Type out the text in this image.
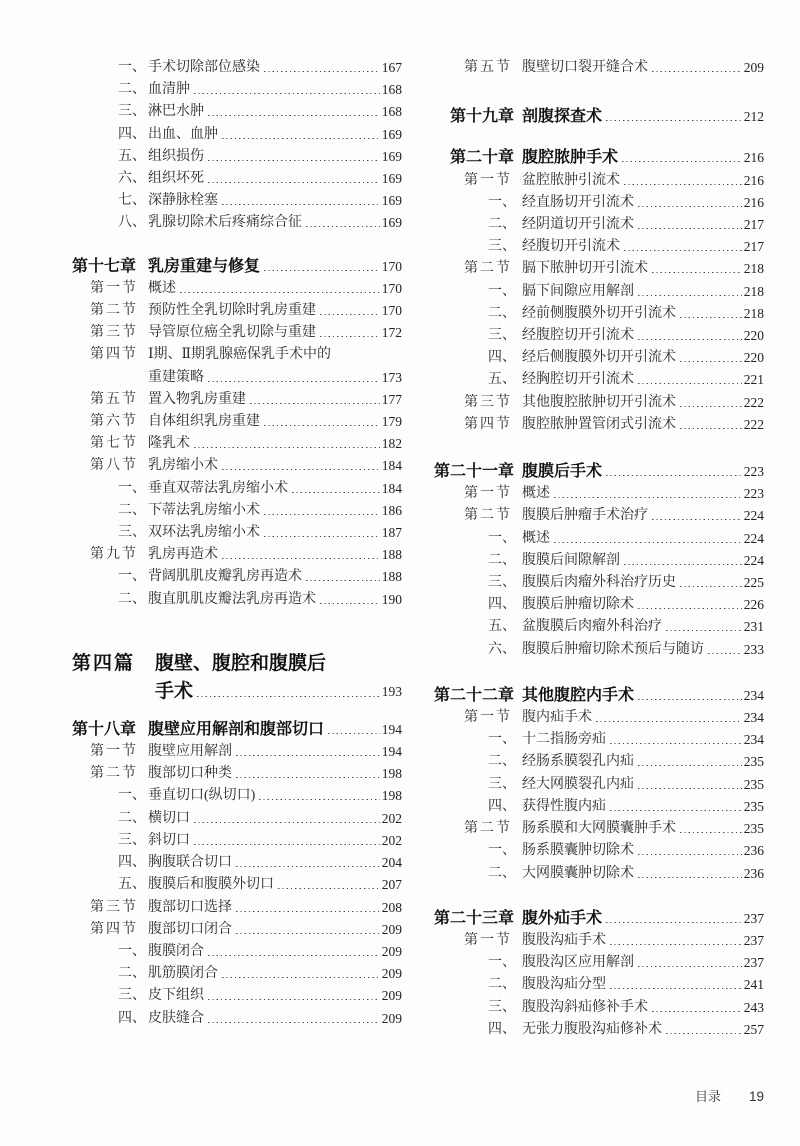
一、 手术切除部位感染	167
二、 血清肿	168
三、 淋巴水肿	168
四、 出血、血肿	169
五、 组织损伤	169
六、 组织坏死	169
七、 深静脉栓塞	169
八、 乳腺切除术后疼痛综合征	169
第十七章 乳房重建与修复	170
第一节 概述	170
第二节 预防性全乳切除时乳房重建	170
第三节 导管原位癌全乳切除与重建	172
第四节 Ⅰ期、Ⅱ期乳腺癌保乳手术中的
重建策略	173
第五节 置入物乳房重建	177
第六节 自体组织乳房重建	179
第七节 隆乳术	182
第八节 乳房缩小术	184
一、 垂直双蒂法乳房缩小术	184
二、 下蒂法乳房缩小术	186
三、 双环法乳房缩小术	187
第九节 乳房再造术	188
一、 背阔肌肌皮瓣乳房再造术	188
二、 腹直肌肌皮瓣法乳房再造术	190
第四篇	腹壁、腹腔和腹膜后
手术	193
第十八章 腹壁应用解剖和腹部切口	194
第一节 腹壁应用解剖	194
第二节 腹部切口种类	198
一、 垂直切口(纵切口)	198
二、 横切口	202
三、 斜切口	202
四、 胸腹联合切口	204
五、 腹膜后和腹膜外切口	207
第三节 腹部切口选择	208
第四节 腹部切口闭合	209
一、 腹膜闭合	209
二、 肌筋膜闭合	209
三、 皮下组织	209
四、 皮肤缝合	209
第五节 腹壁切口裂开缝合术	209
第十九章 剖腹探查术	212
第二十章 腹腔脓肿手术	216
第一节 盆腔脓肿引流术	216
一、 经直肠切开引流术	216
二、 经阴道切开引流术	217
三、 经腹切开引流术	217
第二节 膈下脓肿切开引流术	218
一、 膈下间隙应用解剖	218
二、 经前侧腹膜外切开引流术	218
三、 经腹腔切开引流术	220
四、 经后侧腹膜外切开引流术	220
五、 经胸腔切开引流术	221
第三节 其他腹腔脓肿切开引流术	222
第四节 腹腔脓肿置管闭式引流术	222
第二十一章 腹膜后手术	223
第一节 概述	223
第二节 腹膜后肿瘤手术治疗	224
一、 概述	224
二、 腹膜后间隙解剖	224
三、 腹膜后肉瘤外科治疗历史	225
四、 腹膜后肿瘤切除术	226
五、 盆腹膜后肉瘤外科治疗	231
六、 腹膜后肿瘤切除术预后与随访	233
第二十二章 其他腹腔内手术	234
第一节 腹内疝手术	234
一、 十二指肠旁疝	234
二、 经肠系膜裂孔内疝	235
三、 经大网膜裂孔内疝	235
四、 获得性腹内疝	235
第二节 肠系膜和大网膜囊肿手术	235
一、 肠系膜囊肿切除术	236
二、 大网膜囊肿切除术	236
第二十三章 腹外疝手术	237
第一节 腹股沟疝手术	237
一、 腹股沟区应用解剖	237
二、 腹股沟疝分型	241
三、 腹股沟斜疝修补手术	243
四、 无张力腹股沟疝修补术	257
目录 19
